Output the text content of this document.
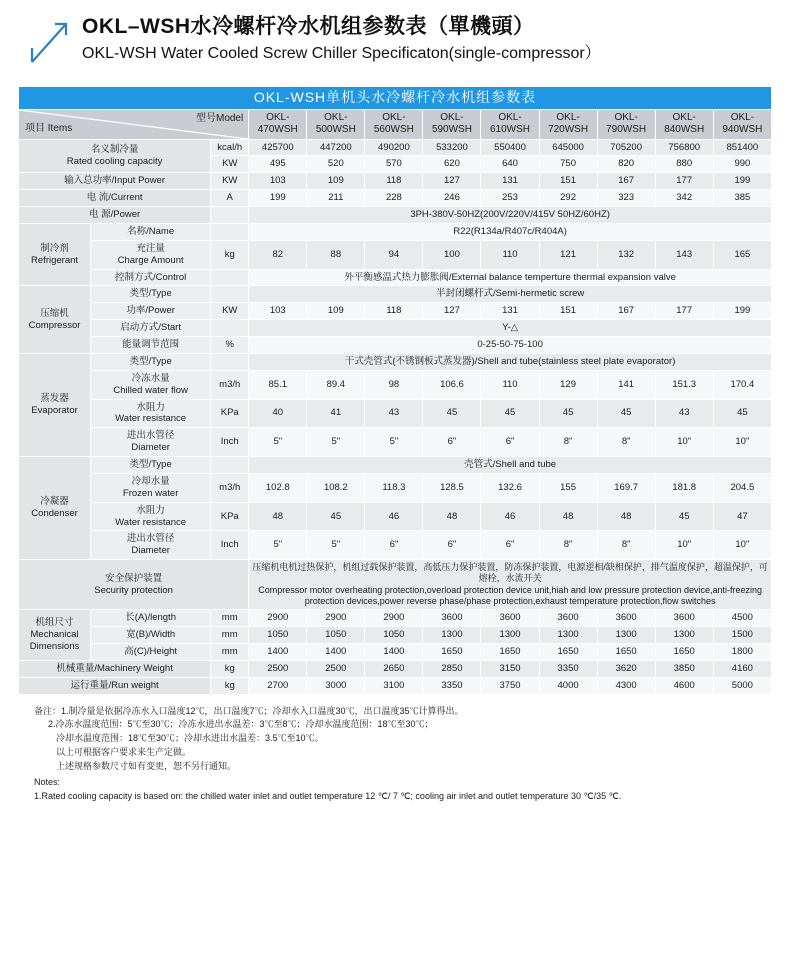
OKL–WSH水冷螺杆冷水机组参数表（單機頭）
OKL-WSH Water Cooled Screw Chiller Specificaton(single-compressor）
OKL-WSH单机头水冷螺杆冷水机组参数表											

项目 Items
型号Model			OKL-470WSH	OKL-500WSH	OKL-560WSH	OKL-590WSH	OKL-610WSH	OKL-720WSH	OKL-790WSH	OKL-840WSH	OKL-940WSH

名义制冷量
Rated cooling capacity		kcal/h	425700	447200	490200	533200	550400	645000	705200	756800	851400
		KW	495	520	570	620	640	750	820	880	990
输入总功率/Input Power		KW	103	109	118	127	131	151	167	177	199
电 流/Current		A	199	211	228	246	253	292	323	342	385
电 源/Power			3PH-380V-50HZ(200V/220V/415V 50HZ/60HZ)								

制冷剂
Refrigerant	名称/Name		R22(R134a/R407c/R404A)								

	充注量
Charge Amount	kg	82	88	94	100	110	121	132	143	165
	控制方式/Control		外平衡感温式热力膨胀阀/External balance temperture thermal expansion valve								

压缩机
Compressor	类型/Type		半封闭螺杆式/Semi-hermetic screw								
	功率/Power	KW	103	109	118	127	131	151	167	177	199
	启动方式/Start		Y-△								
	能量调节范围	%	0-25-50-75-100								

蒸发器
Evaporator	类型/Type		干式壳管式(不锈钢板式蒸发器)/Shell and tube(stainless steel plate evaporator)								

	冷冻水量
Chilled water flow	m3/h	85.1	89.4	98	106.6	110	129	141	151.3	170.4

	水阻力
Water resistance	KPa	40	41	43	45	45	45	45	43	45

	进出水管径
Diameter	Inch	5"	5"	5"	6"	6"	8"	8"	10"	10"

冷凝器
Condenser	类型/Type		壳管式/Shell and tube								

	冷却水量
Frozen water	m3/h	102.8	108.2	118.3	128.5	132.6	155	169.7	181.8	204.5

	水阻力
Water resistance	KPa	48	45	46	48	46	48	48	45	47

	进出水管径
Diameter	Inch	5"	5"	6"	6"	6"	8"	8"	10"	10"

安全保护装置
Security protection

压缩机电机过热保护，机组过载保护装置，高低压力保护装置，防冻保护装置，电源逆相/缺相保护，排气温度保护，超温保护，可熔栓，水流开关
Compressor motor overheating protection,overload protection device unit,hiah and low pressure protection device,anti-freezing protection devices,power reverse phase/phase protection,exhaust temperature protection,flow switches

机组尺寸
Mechanical
Dimensions	长(A)/length	mm	2900	2900	2900	3600	3600	3600	3600	3600	4500
	宽(B)/Width	mm	1050	1050	1050	1300	1300	1300	1300	1300	1500
	高(C)/Height	mm	1400	1400	1400	1650	1650	1650	1650	1650	1800
机械重量/Machinery Weight		kg	2500	2500	2650	2850	3150	3350	3620	3850	4160
运行重量/Run weight		kg	2700	3000	3100	3350	3750	4000	4300	4600	5000
备注：1.制冷量是依据冷冻水入口温度12℃，出口温度7℃；冷却水入口温度30℃，出口温度35℃计算得出。
2.冷冻水温度范围：5℃至30℃；冷冻水进出水温差：3℃至8℃；冷却水温度范围：18℃至30℃；
冷却水温度范围：18℃至30℃；冷却水进出水温差：3.5℃至10℃。
以上可根据客户要求来生产定做。
上述规格参数尺寸如有变更，恕不另行通知。
Notes:
1.Rated cooling capacity is based on: the chilled water inlet and outlet temperature 12 ℃/ 7 ℃; cooling air inlet and outlet temperature 30 ℃/35 ℃.
